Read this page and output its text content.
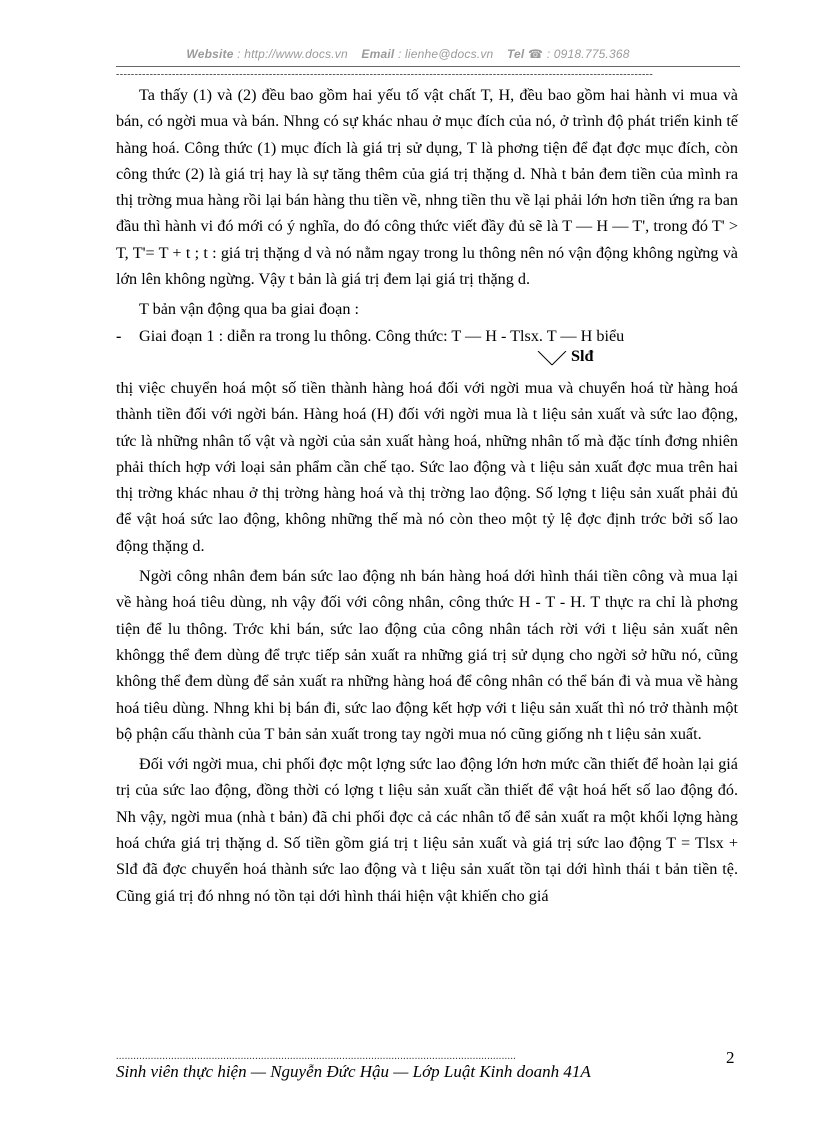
Website : http://www.docs.vn Email : lienhe@docs.vn Tel ☎ : 0918.775.368
------------------------------------------------------------------------------------------------------------------------------------------------

Ta thấy (1) và (2) đều bao gồm hai yếu tố vật chất T, H, đều bao gồm hai hành vi mua và bán, có ngời mua và bán. Nhng có sự khác nhau ở mục đích của nó, ở trình độ phát triển kinh tế hàng hoá. Công thức (1) mục đích là giá trị sử dụng, T là phơng tiện để đạt đợc mục đích, còn công thức (2) là giá trị hay là sự tăng thêm của giá trị thặng d. Nhà t bản đem tiền của mình ra thị trờng mua hàng rồi lại bán hàng thu tiền về, nhng tiền thu về lại phải lớn hơn tiền ứng ra ban đầu thì hành vi đó mới có ý nghĩa, do đó công thức viết đầy đủ sẽ là T — H — T', trong đó T' > T, T'= T + t ; t : giá trị thặng d và nó nằm ngay trong lu thông nên nó vận động không ngừng và lớn lên không ngừng. Vậy t bản là giá trị đem lại giá trị thặng d.

T bản vận động qua ba giai đoạn :

- Giai đoạn 1 : diễn ra trong lu thông. Công thức: T — H - Tlsx. T — H biểu

Slđ

thị việc chuyển hoá một số tiền thành hàng hoá đối với ngời mua và chuyển hoá từ hàng hoá thành tiền đối với ngời bán. Hàng hoá (H) đối với ngời mua là t liệu sản xuất và sức lao động, tức là những nhân tố vật và ngời của sản xuất hàng hoá, những nhân tố mà đặc tính đơng nhiên phải thích hợp với loại sản phẩm cần chế tạo. Sức lao động và t liệu sản xuất đợc mua trên hai thị trờng khác nhau ở thị trờng hàng hoá và thị trờng lao động. Số lợng t liệu sản xuất phải đủ để vật hoá sức lao động, không những thế mà nó còn theo một tỷ lệ đợc định trớc bởi số lao động thặng d.

Ngời công nhân đem bán sức lao động nh bán hàng hoá dới hình thái tiền công và mua lại về hàng hoá tiêu dùng, nh vậy đối với công nhân, công thức H - T - H. T thực ra chỉ là phơng tiện để lu thông. Trớc khi bán, sức lao động của công nhân tách rời với t liệu sản xuất nên khôngg thể đem dùng để trực tiếp sản xuất ra những giá trị sử dụng cho ngời sở hữu nó, cũng không thể đem dùng để sản xuất ra những hàng hoá để công nhân có thể bán đi và mua về hàng hoá tiêu dùng. Nhng khi bị bán đi, sức lao động kết hợp với t liệu sản xuất thì nó trở thành một bộ phận cấu thành của T bản sản xuất trong tay ngời mua nó cũng giống nh t liệu sản xuất.

Đối với ngời mua, chi phối đợc một lợng sức lao động lớn hơn mức cần thiết để hoàn lại giá trị của sức lao động, đồng thời có lợng t liệu sản xuất cần thiết để vật hoá hết số lao động đó. Nh vậy, ngời mua (nhà t bản) đã chi phối đợc cả các nhân tố để sản xuất ra một khối lợng hàng hoá chứa giá trị thặng d. Số tiền gồm giá trị t liệu sản xuất và giá trị sức lao động T = Tlsx + Slđ đã đợc chuyển hoá thành sức lao động và t liệu sản xuất tồn tại dới hình thái t bản tiền tệ. Cũng giá trị đó nhng nó tồn tại dới hình thái hiện vật khiến cho giá

..........................................................................................................................................	2
Sinh viên thực hiện — Nguyễn Đức Hậu — Lớp Luật Kinh doanh 41A
